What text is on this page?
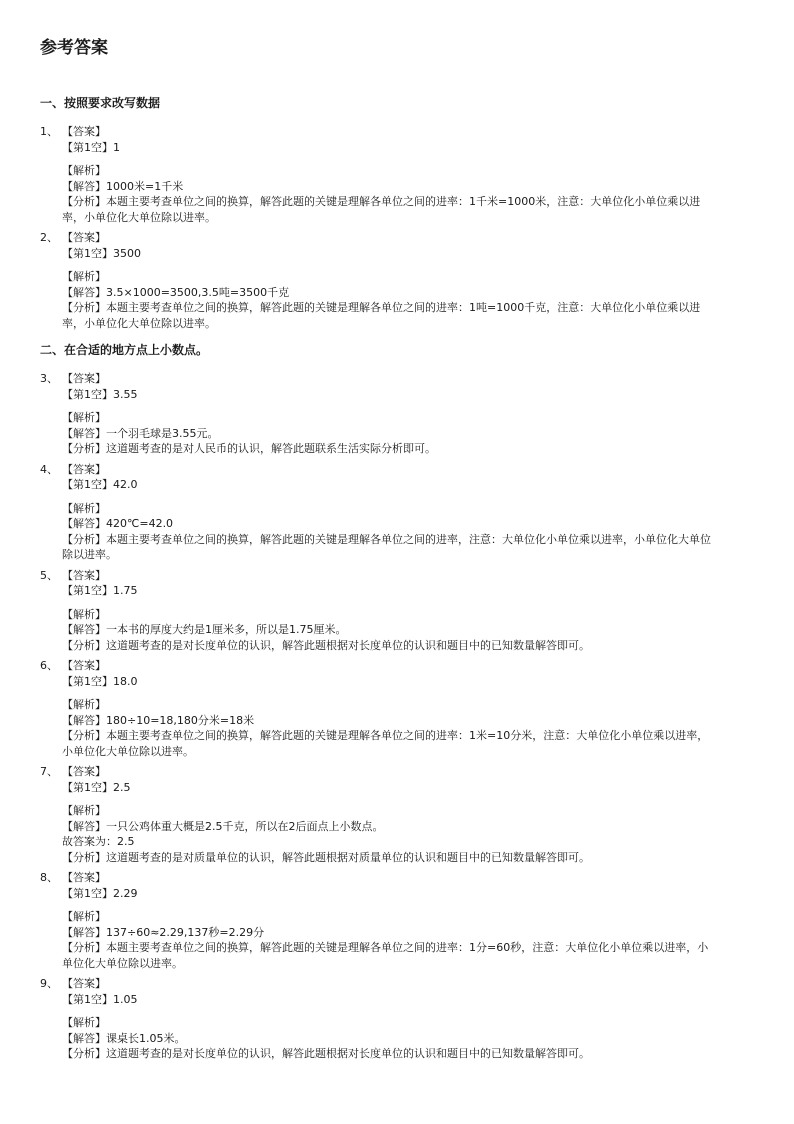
参考答案
一、按照要求改写数据
1、 【答案】
【第1空】1
【解析】
【解答】1000米=1千米
【分析】本题主要考查单位之间的换算，解答此题的关键是理解各单位之间的进率：1千米=1000米，注意：大单位化小单位乘以进率，小单位化大单位除以进率。
2、 【答案】
【第1空】3500
【解析】
【解答】3.5×1000=3500,3.5吨=3500千克
【分析】本题主要考查单位之间的换算，解答此题的关键是理解各单位之间的进率：1吨=1000千克，注意：大单位化小单位乘以进率，小单位化大单位除以进率。
二、在合适的地方点上小数点。
3、 【答案】
【第1空】3.55
【解析】
【解答】一个羽毛球是3.55元。
【分析】这道题考查的是对人民币的认识，解答此题联系生活实际分析即可。
4、 【答案】
【第1空】42.0
【解析】
【解答】420℃=42.0
【分析】本题主要考查单位之间的换算，解答此题的关键是理解各单位之间的进率，注意：大单位化小单位乘以进率，小单位化大单位除以进率。
5、 【答案】
【第1空】1.75
【解析】
【解答】一本书的厚度大约是1厘米多，所以是1.75厘米。
【分析】这道题考查的是对长度单位的认识，解答此题根据对长度单位的认识和题目中的已知数量解答即可。
6、 【答案】
【第1空】18.0
【解析】
【解答】180÷10=18,180分米=18米
【分析】本题主要考查单位之间的换算，解答此题的关键是理解各单位之间的进率：1米=10分米，注意：大单位化小单位乘以进率，小单位化大单位除以进率。
7、 【答案】
【第1空】2.5
【解析】
【解答】一只公鸡体重大概是2.5千克，所以在2后面点上小数点。
故答案为：2.5
【分析】这道题考查的是对质量单位的认识，解答此题根据对质量单位的认识和题目中的已知数量解答即可。
8、 【答案】
【第1空】2.29
【解析】
【解答】137÷60≈2.29,137秒=2.29分
【分析】本题主要考查单位之间的换算，解答此题的关键是理解各单位之间的进率：1分=60秒，注意：大单位化小单位乘以进率，小单位化大单位除以进率。
9、 【答案】
【第1空】1.05
【解析】
【解答】课桌长1.05米。
【分析】这道题考查的是对长度单位的认识，解答此题根据对长度单位的认识和题目中的已知数量解答即可。
